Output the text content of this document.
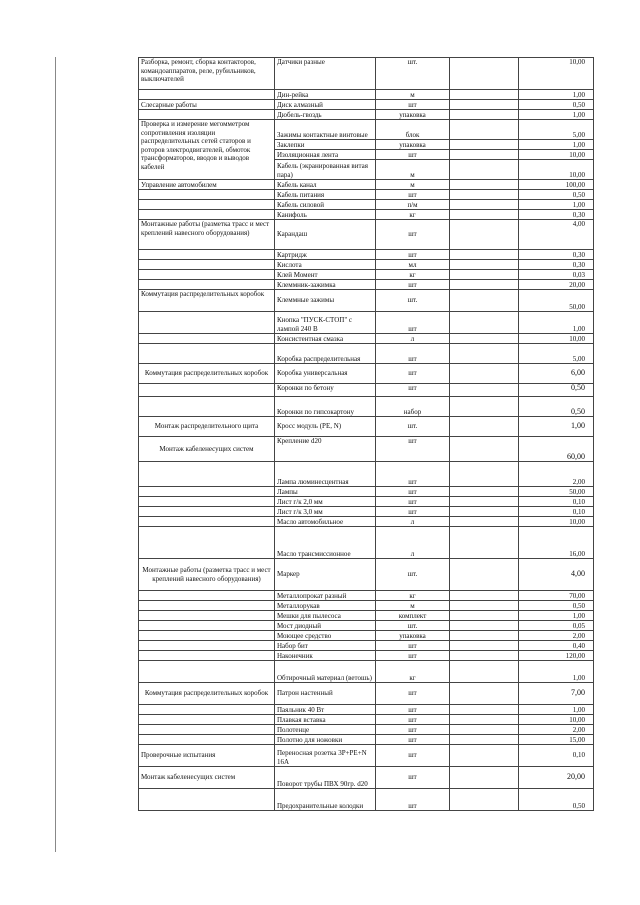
Разборка, ремонт, сборка контакторов, командоаппаратов, реле, рубильников, выключателей	Датчики разные	шт.		10,00
	Дин-рейка	м		1,00
Слесарные работы	Диск алмазный	шт		0,50
	Дюбель-гвоздь	упаковка		1,00
Проверка и измерение мегомметром сопротивления изоляции распределительных сетей статоров и роторов электродвигателей, обмоток трансформаторов, вводов и выводов кабелей	Зажимы контактные винтовые	блок		5,00
	Заклепки	упаковка		1,00
	Изоляционная лента	шт		10,00
	Кабель (экранированная витая пара)	м		10,00
Управление автомобилем	Кабель канал	м		100,00
	Кабель питания	шт		0,50
	Кабель силовой	п/м		1,00
	Канифоль	кг		0,30
Монтажные работы (разметка трасс и мест креплений навесного оборудования)	Карандаш	шт		4,00
	Картридж	шт		0,30
	Кислота	мл		0,30
	Клей Момент	кг		0,03
	Клеммник-зажимка	шт		20,00
Коммутация распределительных коробок	Клеммные зажимы	шт.		50,00
	Кнопка "ПУСК-СТОП" с лампой 240 В	шт		1,00
	Консистентная смазка	л		10,00
	Коробка распределительная	шт		5,00
Коммутация распределительных коробок	Коробка универсальная	шт		6,00
	Коронки по бетону	шт		0,50
	Коронки по гипсокартону	набор		0,50
Монтаж распределительного щита	Кросс модуль (PE, N)	шт.		1,00
Монтаж кабеленесущих систем	Крепление d20	шт		60,00
	Лампа люминесцентная	шт		2,00
	Лампы	шт		50,00
	Лист г/к 2,0 мм	шт		0,10
	Лист г/к 3,0 мм	шт		0,10
	Масло автомобильное	л		10,00
	Масло трансмиссионное	л		16,00
Монтажные работы (разметка трасс и мест креплений навесного оборудования)	Маркер	шт.		4,00
	Металлопрокат разный	кг		70,00
	Металлорукав	м		0,50
	Мешки для пылесоса	комплект		1,00
	Мост диодный	шт.		0,05
	Моющее средство	упаковка		2,00
	Набор бит	шт		0,40
	Наконечник	шт		120,00
	Обтирочный материал (ветошь)	кг		1,00
Коммутация распределительных коробок	Патрон настенный	шт		7,00
	Паяльник 40 Вт	шт		1,00
	Плавкая вставка	шт		10,00
	Полотенце	шт		2,00
	Полотно для ножовки	шт		15,00
Проверочные испытания	Переносная розетка 3P+PE+N 16A	шт		0,10
Монтаж кабеленесущих систем	Поворот трубы ПВХ 90гр. d20	шт		20,00
	Предохранительные колодки	шт		0,50
